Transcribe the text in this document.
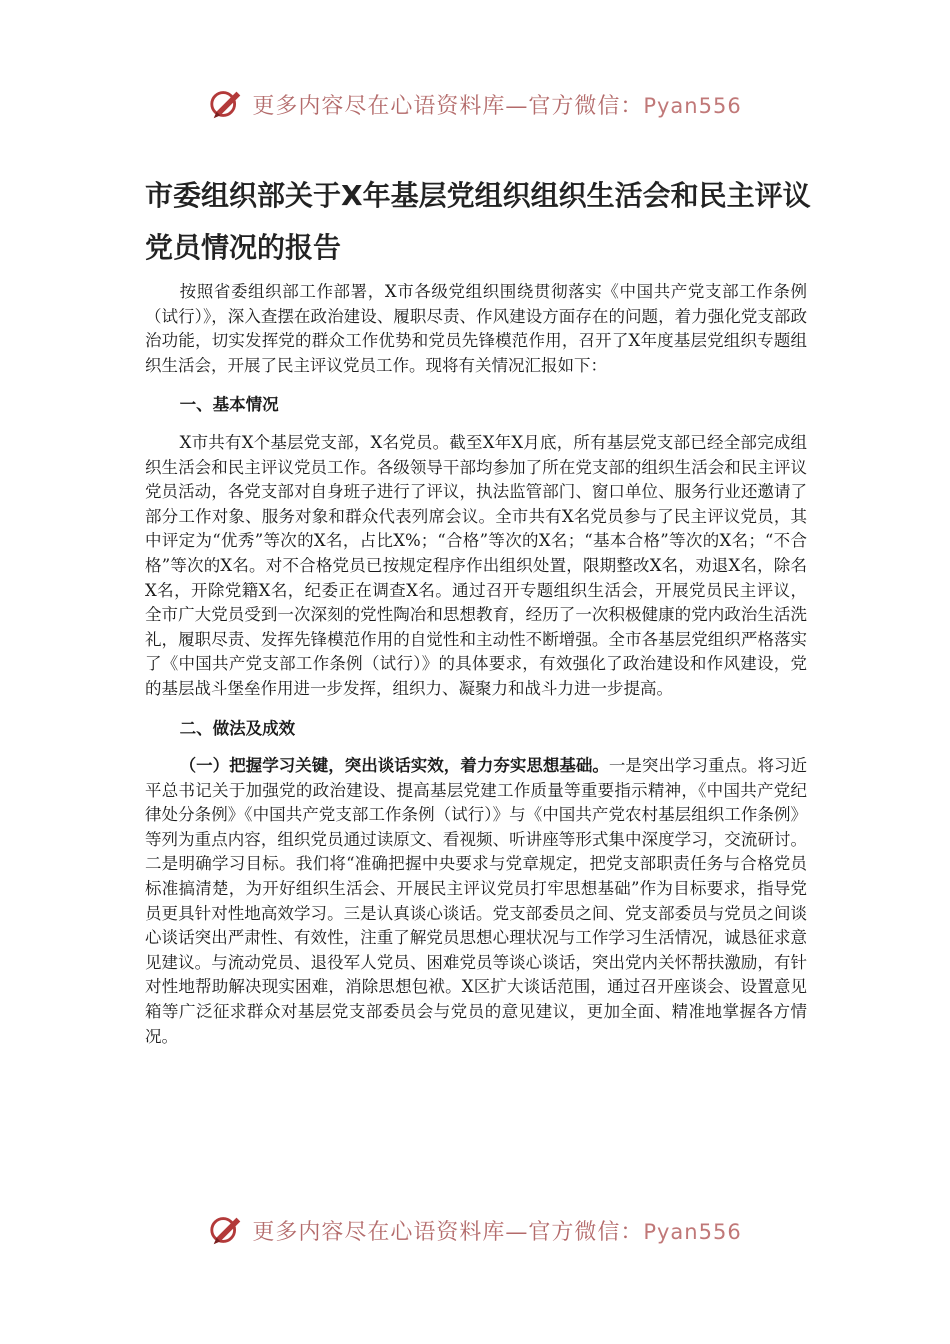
更多内容尽在心语资料库—官方微信：Pyan556
市委组织部关于X年基层党组织组织生活会和民主评议党员情况的报告

按照省委组织部工作部署，X市各级党组织围绕贯彻落实《中国共产党支部工作条例（试行）》，深入查摆在政治建设、履职尽责、作风建设方面存在的问题，着力强化党支部政治功能，切实发挥党的群众工作优势和党员先锋模范作用，召开了X年度基层党组织专题组织生活会，开展了民主评议党员工作。现将有关情况汇报如下：

一、基本情况

X市共有X个基层党支部，X名党员。截至X年X月底，所有基层党支部已经全部完成组织生活会和民主评议党员工作。各级领导干部均参加了所在党支部的组织生活会和民主评议党员活动，各党支部对自身班子进行了评议，执法监管部门、窗口单位、服务行业还邀请了部分工作对象、服务对象和群众代表列席会议。全市共有X名党员参与了民主评议党员，其中评定为“优秀”等次的X名，占比X%；“合格”等次的X名；“基本合格”等次的X名；“不合格”等次的X名。对不合格党员已按规定程序作出组织处置，限期整改X名，劝退X名，除名X名，开除党籍X名，纪委正在调查X名。通过召开专题组织生活会，开展党员民主评议，全市广大党员受到一次深刻的党性陶冶和思想教育，经历了一次积极健康的党内政治生活洗礼，履职尽责、发挥先锋模范作用的自觉性和主动性不断增强。全市各基层党组织严格落实了《中国共产党支部工作条例（试行）》的具体要求，有效强化了政治建设和作风建设，党的基层战斗堡垒作用进一步发挥，组织力、凝聚力和战斗力进一步提高。

二、做法及成效

（一）把握学习关键，突出谈话实效，着力夯实思想基础。一是突出学习重点。将习近平总书记关于加强党的政治建设、提高基层党建工作质量等重要指示精神，《中国共产党纪律处分条例》《中国共产党支部工作条例（试行）》与《中国共产党农村基层组织工作条例》等列为重点内容，组织党员通过读原文、看视频、听讲座等形式集中深度学习，交流研讨。二是明确学习目标。我们将“准确把握中央要求与党章规定，把党支部职责任务与合格党员标准搞清楚，为开好组织生活会、开展民主评议党员打牢思想基础”作为目标要求，指导党员更具针对性地高效学习。三是认真谈心谈话。党支部委员之间、党支部委员与党员之间谈心谈话突出严肃性、有效性，注重了解党员思想心理状况与工作学习生活情况，诚恳征求意见建议。与流动党员、退役军人党员、困难党员等谈心谈话，突出党内关怀帮扶激励，有针对性地帮助解决现实困难，消除思想包袱。X区扩大谈话范围，通过召开座谈会、设置意见箱等广泛征求群众对基层党支部委员会与党员的意见建议，更加全面、精准地掌握各方情况。

更多内容尽在心语资料库—官方微信：Pyan556
